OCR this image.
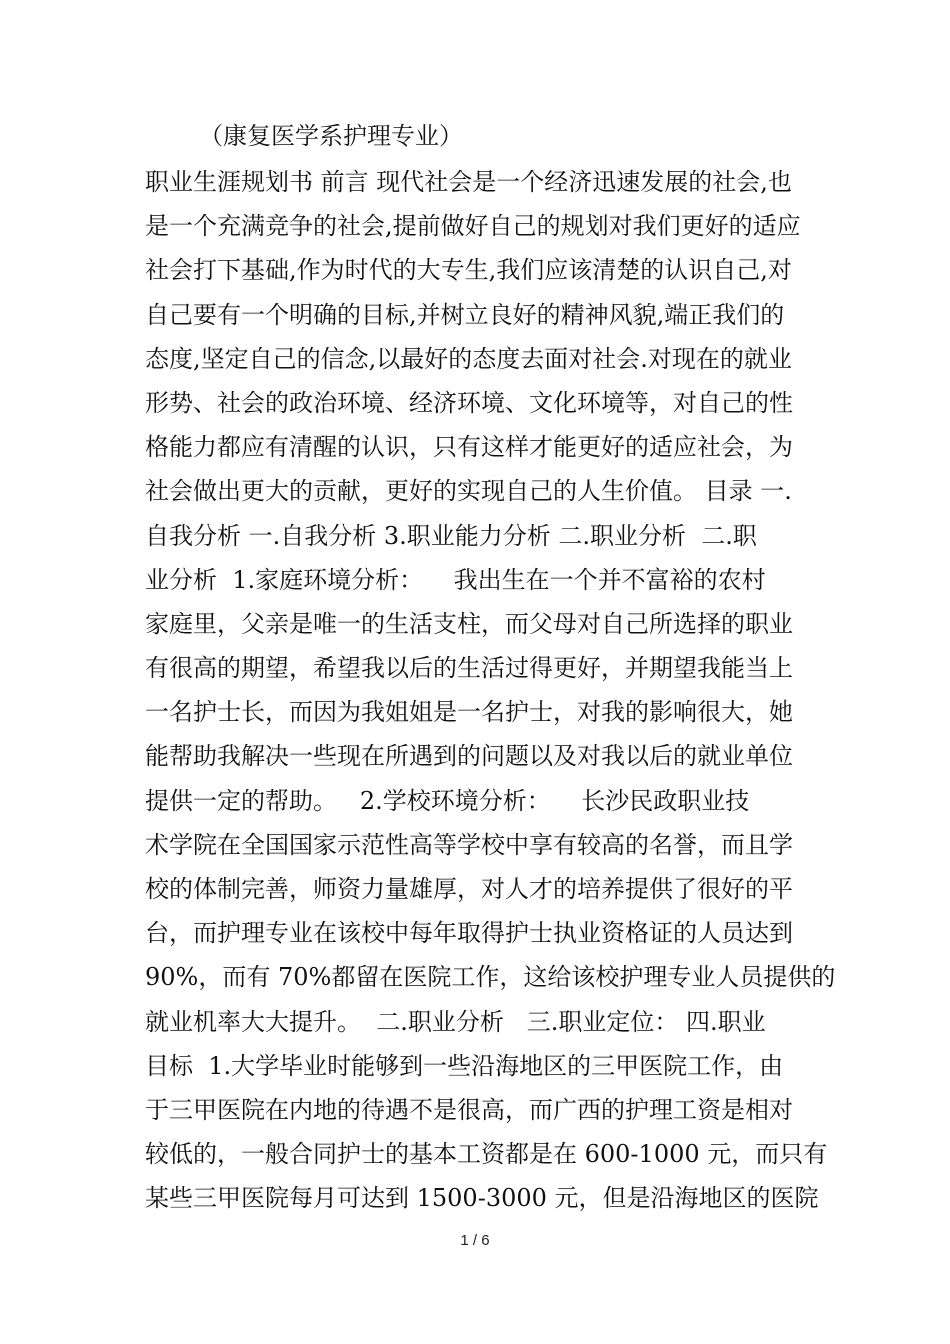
（康复医学系护理专业）
职业生涯规划书 前言 现代社会是一个经济迅速发展的社会,也
是一个充满竞争的社会,提前做好自己的规划对我们更好的适应
社会打下基础,作为时代的大专生,我们应该清楚的认识自己,对
自己要有一个明确的目标,并树立良好的精神风貌,端正我们的
态度,坚定自己的信念,以最好的态度去面对社会.对现在的就业
形势、社会的政治环境、经济环境、文化环境等，对自己的性
格能力都应有清醒的认识，只有这样才能更好的适应社会，为
社会做出更大的贡献，更好的实现自己的人生价值。 目录 一.
自我分析 一.自我分析 3.职业能力分析 二.职业分析  二.职
业分析  1.家庭环境分析：    我出生在一个并不富裕的农村
家庭里，父亲是唯一的生活支柱，而父母对自己所选择的职业
有很高的期望，希望我以后的生活过得更好，并期望我能当上
一名护士长，而因为我姐姐是一名护士，对我的影响很大，她
能帮助我解决一些现在所遇到的问题以及对我以后的就业单位
提供一定的帮助。   2.学校环境分析：    长沙民政职业技
术学院在全国国家示范性高等学校中享有较高的名誉，而且学
校的体制完善，师资力量雄厚，对人才的培养提供了很好的平
台，而护理专业在该校中每年取得护士执业资格证的人员达到
90%，而有 70%都留在医院工作，这给该校护理专业人员提供的
就业机率大大提升。  二.职业分析   三.职业定位： 四.职业
目标  1.大学毕业时能够到一些沿海地区的三甲医院工作，由
于三甲医院在内地的待遇不是很高，而广西的护理工资是相对
较低的，一般合同护士的基本工资都是在 600-1000 元，而只有
某些三甲医院每月可达到 1500-3000 元，但是沿海地区的医院
1 / 6
